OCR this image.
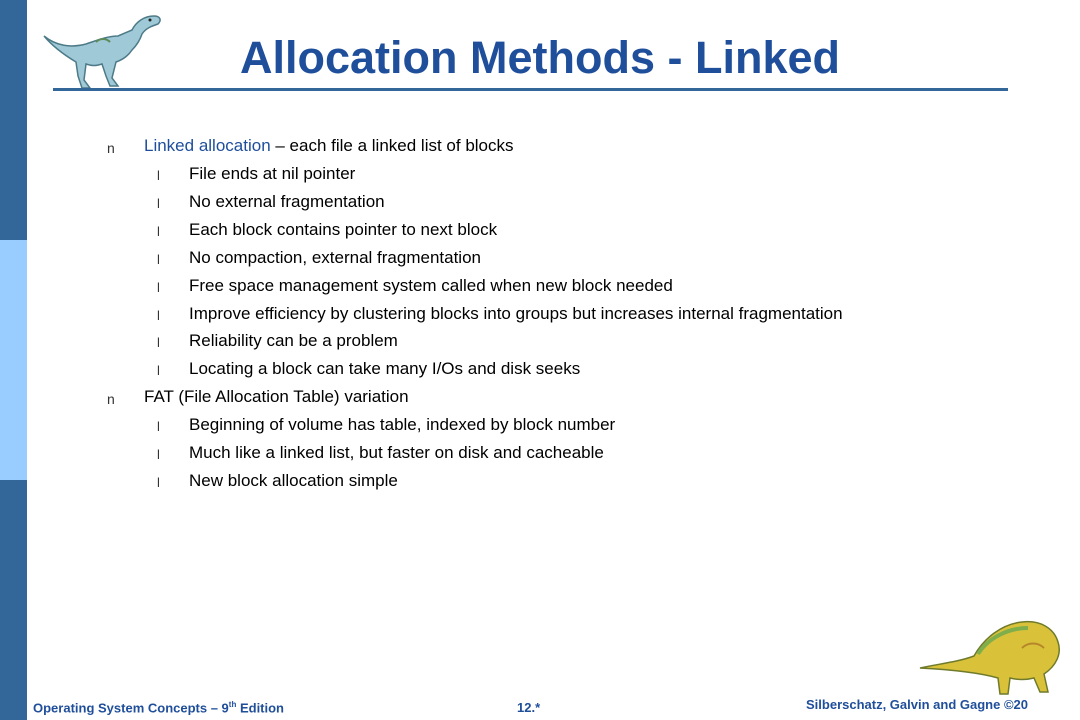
Allocation Methods - Linked
n Linked allocation – each file a linked list of blocks
l File ends at nil pointer
l No external fragmentation
l Each block contains pointer to next block
l No compaction, external fragmentation
l Free space management system called when new block needed
l Improve efficiency by clustering blocks into groups but increases internal fragmentation
l Reliability can be a problem
l Locating a block can take many I/Os and disk seeks
n FAT (File Allocation Table) variation
l Beginning of volume has table, indexed by block number
l Much like a linked list, but faster on disk and cacheable
l New block allocation simple
Operating System Concepts – 9th Edition	12.*	Silberschatz, Galvin and Gagne ©20
